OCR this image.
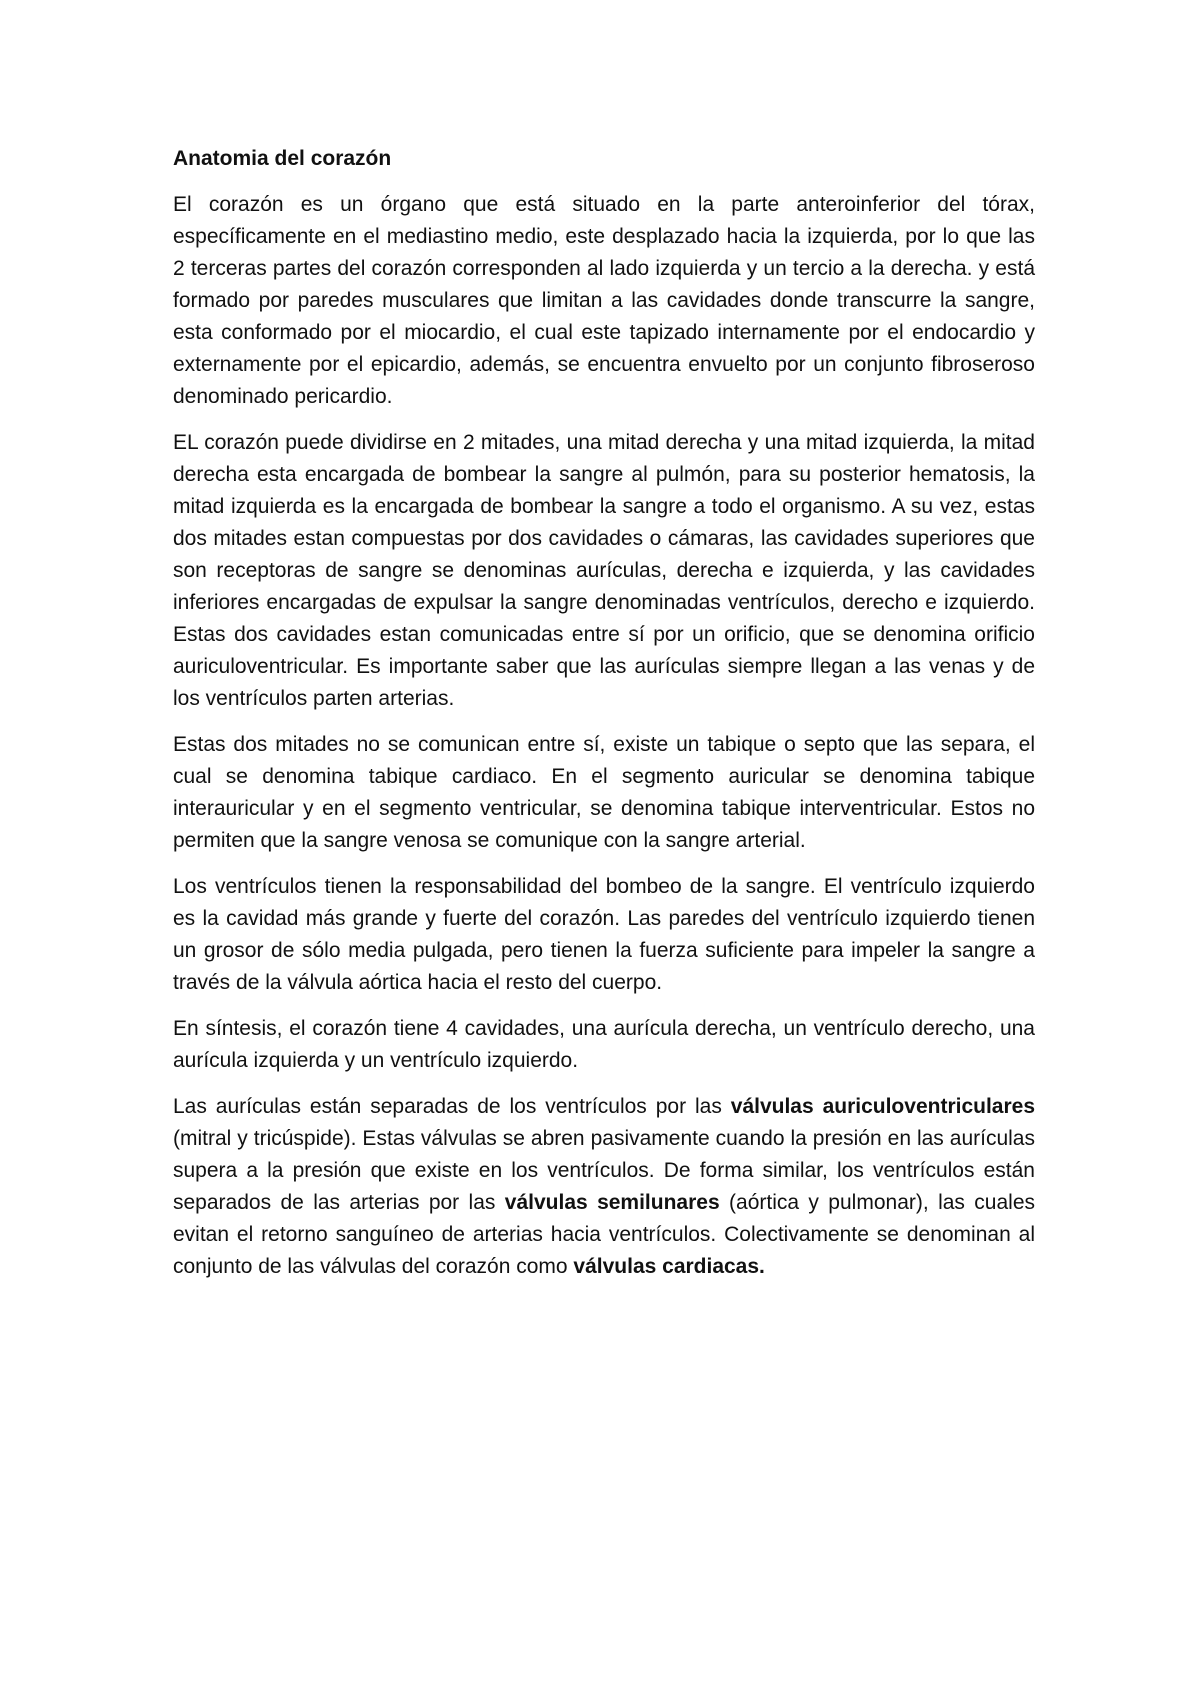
Anatomia del corazón

El corazón es un órgano que está situado en la parte anteroinferior del tórax, específicamente en el mediastino medio, este desplazado hacia la izquierda, por lo que las 2 terceras partes del corazón corresponden al lado izquierda y un tercio a la derecha. y está formado por paredes musculares que limitan a las cavidades donde transcurre la sangre, esta conformado por el miocardio, el cual este tapizado internamente por el endocardio y externamente por el epicardio, además, se encuentra envuelto por un conjunto fibroseroso denominado pericardio.

EL corazón puede dividirse en 2 mitades, una mitad derecha y una mitad izquierda, la mitad derecha esta encargada de bombear la sangre al pulmón, para su posterior hematosis, la mitad izquierda es la encargada de bombear la sangre a todo el organismo. A su vez, estas dos mitades estan compuestas por dos cavidades o cámaras, las cavidades superiores que son receptoras de sangre se denominas aurículas, derecha e izquierda, y las cavidades inferiores encargadas de expulsar la sangre denominadas ventrículos, derecho e izquierdo. Estas dos cavidades estan comunicadas entre sí por un orificio, que se denomina orificio auriculoventricular. Es importante saber que las aurículas siempre llegan a las venas y de los ventrículos parten arterias.

Estas dos mitades no se comunican entre sí, existe un tabique o septo que las separa, el cual se denomina tabique cardiaco. En el segmento auricular se denomina tabique interauricular y en el segmento ventricular, se denomina tabique interventricular. Estos no permiten que la sangre venosa se comunique con la sangre arterial.

Los ventrículos tienen la responsabilidad del bombeo de la sangre. El ventrículo izquierdo es la cavidad más grande y fuerte del corazón. Las paredes del ventrículo izquierdo tienen un grosor de sólo media pulgada, pero tienen la fuerza suficiente para impeler la sangre a través de la válvula aórtica hacia el resto del cuerpo.

En síntesis, el corazón tiene 4 cavidades, una aurícula derecha, un ventrículo derecho, una aurícula izquierda y un ventrículo izquierdo.

Las aurículas están separadas de los ventrículos por las válvulas auriculoventriculares (mitral y tricúspide). Estas válvulas se abren pasivamente cuando la presión en las aurículas supera a la presión que existe en los ventrículos. De forma similar, los ventrículos están separados de las arterias por las válvulas semilunares (aórtica y pulmonar), las cuales evitan el retorno sanguíneo de arterias hacia ventrículos. Colectivamente se denominan al conjunto de las válvulas del corazón como válvulas cardiacas.
